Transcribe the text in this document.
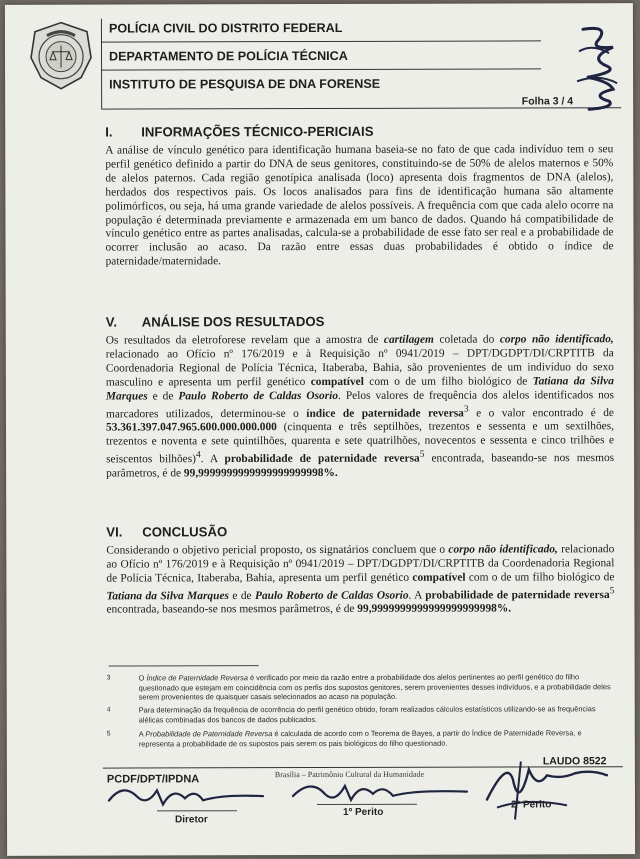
POLÍCIA CIVIL DO DISTRITO FEDERAL
DEPARTAMENTO DE POLÍCIA TÉCNICA
INSTITUTO DE PESQUISA DE DNA FORENSE
Folha 3 / 4
I. INFORMAÇÕES TÉCNICO-PERICIAIS
A análise de vínculo genético para identificação humana baseia-se no fato de que cada indivíduo tem o seu perfil genético definido a partir do DNA de seus genitores, constituindo-se de 50% de alelos maternos e 50% de alelos paternos. Cada região genotípica analisada (loco) apresenta dois fragmentos de DNA (alelos), herdados dos respectivos pais. Os locos analisados para fins de identificação humana são altamente polimórficos, ou seja, há uma grande variedade de alelos possíveis. A frequência com que cada alelo ocorre na população é determinada previamente e armazenada em um banco de dados. Quando há compatibilidade de vínculo genético entre as partes analisadas, calcula-se a probabilidade de esse fato ser real e a probabilidade de ocorrer inclusão ao acaso. Da razão entre essas duas probabilidades é obtido o índice de paternidade/maternidade.
V. ANÁLISE DOS RESULTADOS
Os resultados da eletroforese revelam que a amostra de cartilagem coletada do corpo não identificado, relacionado ao Ofício nº 176/2019 e à Requisição nº 0941/2019 – DPT/DGDPT/DI/CRPTITB da Coordenadoria Regional de Polícia Técnica, Itaberaba, Bahia, são provenientes de um indivíduo do sexo masculino e apresenta um perfil genético compatível com o de um filho biológico de Tatiana da Silva Marques e de Paulo Roberto de Caldas Osorio. Pelos valores de frequência dos alelos identificados nos marcadores utilizados, determinou-se o índice de paternidade reversa$^3$ e o valor encontrado é de 53.361.397.047.965.600.000.000.000 (cinquenta e três septilhões, trezentos e sessenta e um sextilhões, trezentos e noventa e sete quintilhões, quarenta e sete quatrilhões, novecentos e sessenta e cinco trilhões e seiscentos bilhões)$^4$. A probabilidade de paternidade reversa$^5$ encontrada, baseando-se nos mesmos parâmetros, é de 99,9999999999999999999998%.
VI. CONCLUSÃO
Considerando o objetivo pericial proposto, os signatários concluem que o corpo não identificado, relacionado ao Ofício nº 176/2019 e à Requisição nº 0941/2019 – DPT/DGDPT/DI/CRPTITB da Coordenadoria Regional de Polícia Técnica, Itaberaba, Bahia, apresenta um perfil genético compatível com o de um filho biológico de Tatiana da Silva Marques e de Paulo Roberto de Caldas Osorio. A probabilidade de paternidade reversa$^5$ encontrada, baseando-se nos mesmos parâmetros, é de 99,9999999999999999999998%.
3	O Índice de Paternidade Reversa é verificado por meio da razão entre a probabilidade dos alelos pertinentes ao perfil genético do filho questionado que estejam em coincidência com os perfis dos supostos genitores, serem provenientes desses indivíduos, e a probabilidade deles serem provenientes de quaisquer casais selecionados ao acaso na população.
4	Para determinação da frequência de ocorrência do perfil genético obtido, foram realizados cálculos estatísticos utilizando-se as frequências alélicas combinadas dos bancos de dados publicados.
5	A Probabilidade de Paternidade Reversa é calculada de acordo com o Teorema de Bayes, a partir do Índice de Paternidade Reversa, e representa a probabilidade de os supostos pais serem os pais biológicos do filho questionado.
LAUDO 8522
PCDF/DPT/IPDNA	Brasília – Patrimônio Cultural da Humanidade
Diretor
1º Perito
2º Perito
